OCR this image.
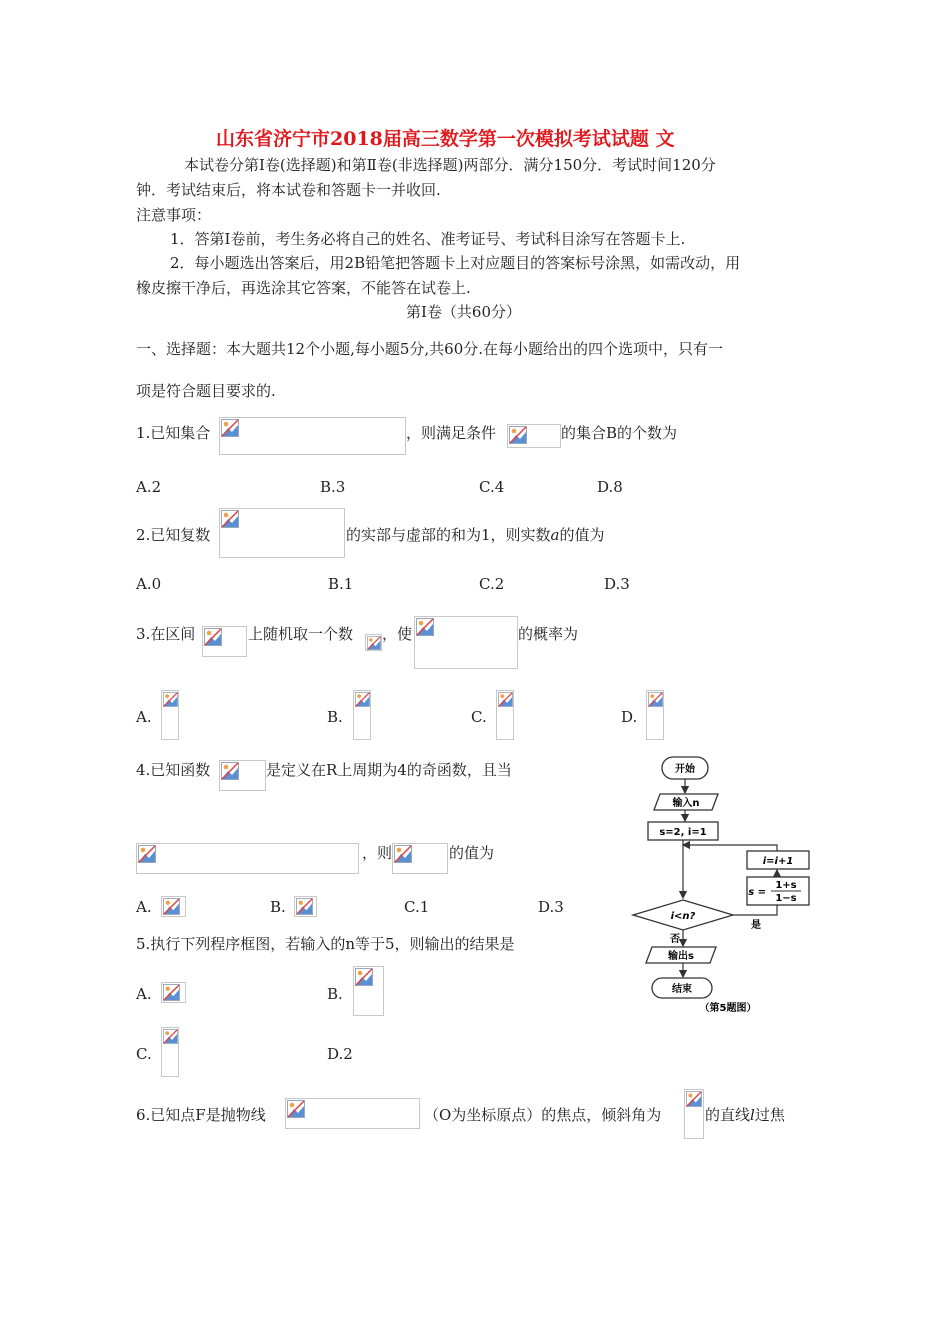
山东省济宁市2018届高三数学第一次模拟考试试题 文
本试卷分第Ⅰ卷(选择题)和第Ⅱ卷(非选择题)两部分．满分150分．考试时间120分
钟．考试结束后，将本试卷和答题卡一并收回.
注意事项：
1．答第Ⅰ卷前，考生务必将自己的姓名、准考证号、考试科目涂写在答题卡上.
2．每小题选出答案后，用2B铅笔把答题卡上对应题目的答案标号涂黑，如需改动，用
橡皮擦干净后，再选涂其它答案，不能答在试卷上.
第Ⅰ卷（共60分）
一、选择题：本大题共12个小题,每小题5分,共60分.在每小题给出的四个选项中，只有一
项是符合题目要求的.
1.已知集合	，则满足条件	的集合B的个数为
A.2	B.3	C.4	D.8
2.已知复数	的实部与虚部的和为1，则实数a的值为
A.0	B.1	C.2	D.3
3.在区间	上随机取一个数 ，使	的概率为
A.	B.	C.	D.
4.已知函数	是定义在R上周期为4的奇函数，且当
，则	的值为
A.	B.	C.1	D.3
5.执行下列程序框图，若输入的n等于5，则输出的结果是
A.	B.
C.	D.2
6.已知点F是抛物线	（O为坐标原点）的焦点，倾斜角为	的直线l过焦
开始
输入n
s=2, i=1
i<n?
是
s =
1+s
1−s
i=i+1
否
输出s
结束
（第5题图）
